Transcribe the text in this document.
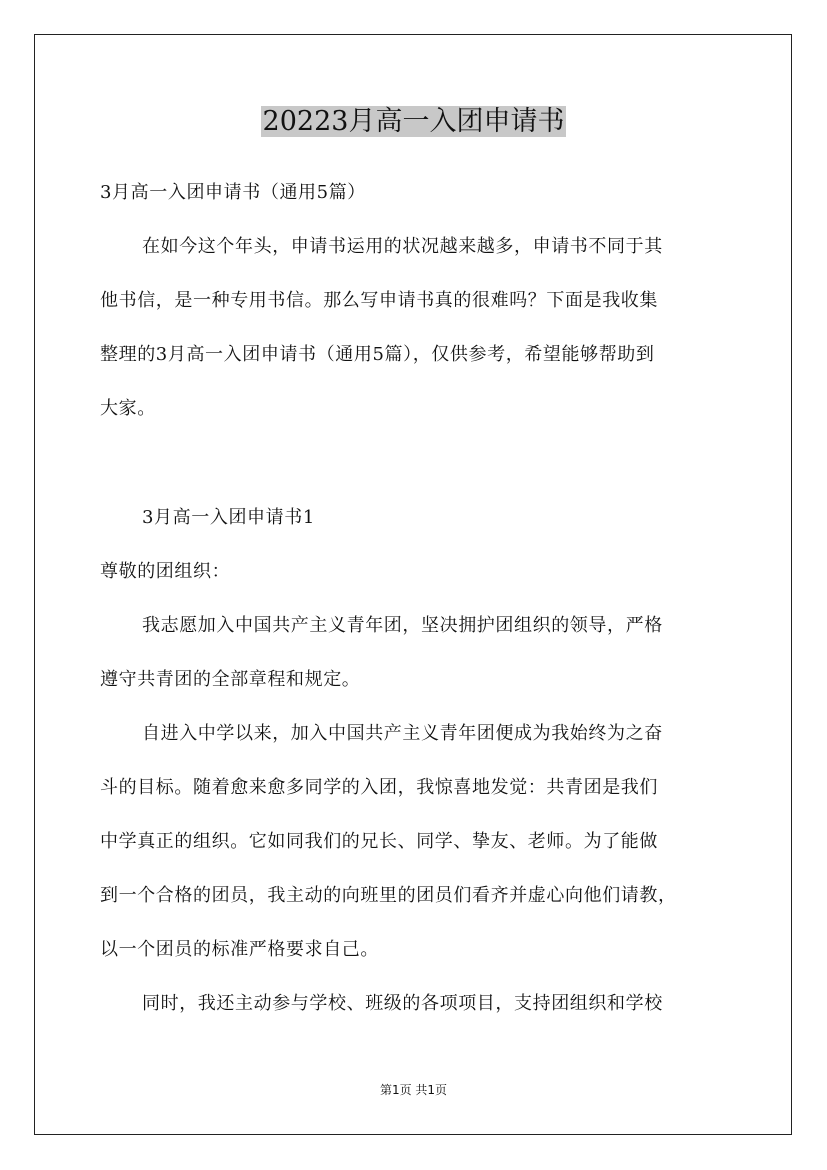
20223月高一入团申请书
3月高一入团申请书（通用5篇）
在如今这个年头，申请书运用的状况越来越多，申请书不同于其
他书信，是一种专用书信。那么写申请书真的很难吗？下面是我收集
整理的3月高一入团申请书（通用5篇），仅供参考，希望能够帮助到
大家。
3月高一入团申请书1
尊敬的团组织：
我志愿加入中国共产主义青年团，坚决拥护团组织的领导，严格
遵守共青团的全部章程和规定。
自进入中学以来，加入中国共产主义青年团便成为我始终为之奋
斗的目标。随着愈来愈多同学的入团，我惊喜地发觉：共青团是我们
中学真正的组织。它如同我们的兄长、同学、挚友、老师。为了能做
到一个合格的团员，我主动的向班里的团员们看齐并虚心向他们请教，
以一个团员的标准严格要求自己。
同时，我还主动参与学校、班级的各项项目，支持团组织和学校
第1页 共1页
